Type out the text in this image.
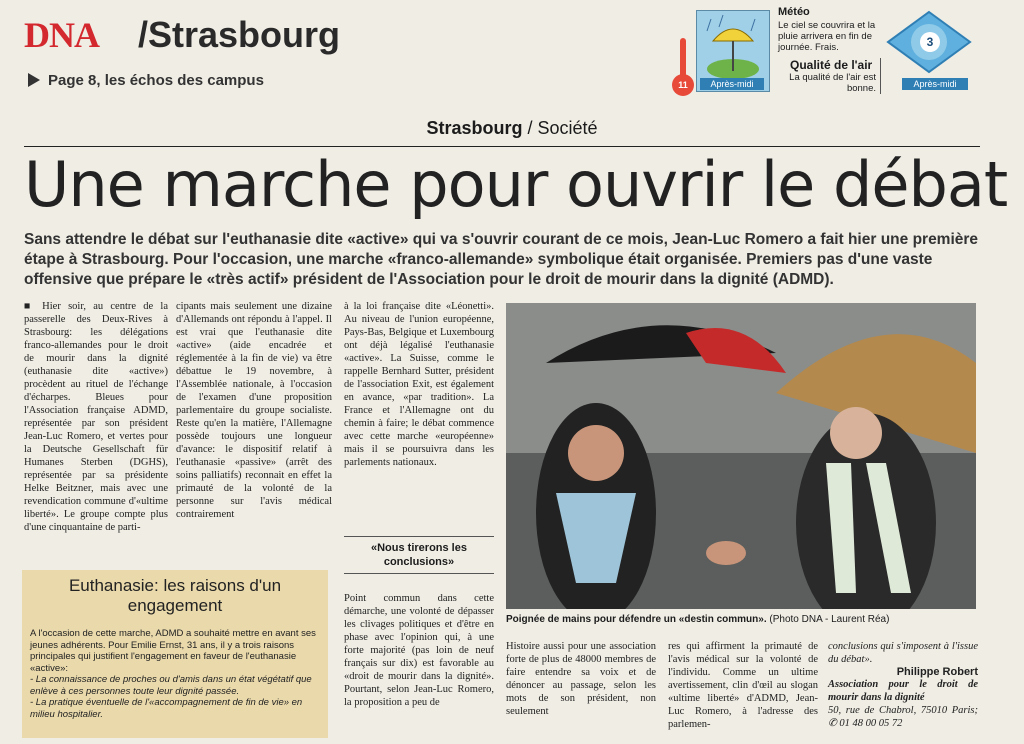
DNA /Strasbourg
Page 8, les échos des campus	11	Après-midi
Météo
Le ciel se couvrira et la pluie arrivera en fin de journée. Frais.
Qualité de l'air
La qualité de l'air est bonne.
3
Après-midi
Strasbourg / Société
Une marche pour ouvrir le débat
Sans attendre le débat sur l'euthanasie dite «active» qui va s'ouvrir courant de ce mois, Jean-Luc Romero a fait hier une première étape à Strasbourg. Pour l'occasion, une marche «franco-allemande» symbolique était organisée. Premiers pas d'une vaste offensive que prépare le «très actif» président de l'Association pour le droit de mourir dans la dignité (ADMD).
■ Hier soir, au centre de la passerelle des Deux-Rives à Strasbourg: les délégations franco-allemandes pour le droit de mourir dans la dignité (euthanasie dite «active») procèdent au rituel de l'échange d'écharpes. Bleues pour l'Association française ADMD, représentée par son président Jean-Luc Romero, et vertes pour la Deutsche Gesellschaft für Humanes Sterben (DGHS), représentée par sa présidente Helke Beitzner, mais avec une revendication commune d'«ultime liberté». Le groupe compte plus d'une cinquantaine de parti-
cipants mais seulement une dizaine d'Allemands ont répondu à l'appel. Il est vrai que l'euthanasie dite «active» (aide encadrée et réglementée à la fin de vie) va être débattue le 19 novembre, à l'Assemblée nationale, à l'occasion de l'examen d'une proposition parlementaire du groupe socialiste. Reste qu'en la matière, l'Allemagne possède toujours une longueur d'avance: le dispositif relatif à l'euthanasie «passive» (arrêt des soins palliatifs) reconnait en effet la primauté de la volonté de la personne sur l'avis médical contrairement
à la loi française dite «Léonetti». Au niveau de l'union européenne, Pays-Bas, Belgique et Luxembourg ont déjà légalisé l'euthanasie «active». La Suisse, comme le rappelle Bernhard Sutter, président de l'association Exit, est également en avance, «par tradition». La France et l'Allemagne ont du chemin à faire; le débat commence avec cette marche «européenne» mais il se poursuivra dans les parlements nationaux.
«Nous tirerons les conclusions»
Point commun dans cette démarche, une volonté de dépasser les clivages politiques et d'être en phase avec l'opinion qui, à une forte majorité (pas loin de neuf français sur dix) est favorable au «droit de mourir dans la dignité». Pourtant, selon Jean-Luc Romero, la proposition a peu de
Poignée de mains pour défendre un «destin commun». (Photo DNA - Laurent Réa)
Histoire aussi pour une association forte de plus de 48000 membres de faire entendre sa voix et de dénoncer au passage, selon les mots de son président, non seulement
res qui affirment la primauté de l'avis médical sur la volonté de l'individu. Comme un ultime avertissement, clin d'œil au slogan «ultime liberté» d'ADMD, Jean-Luc Romero, à l'adresse des parlemen-
conclusions qui s'imposent à l'issue du débat».
Philippe Robert
Association pour le droit de mourir dans la dignité
50, rue de Chabrol, 75010 Paris; ✆ 01 48 00 05 72
Euthanasie: les raisons d'un engagement
A l'occasion de cette marche, ADMD a souhaité mettre en avant ses jeunes adhérents. Pour Emilie Ernst, 31 ans, il y a trois raisons principales qui justifient l'engagement en faveur de l'euthanasie «active»:
- La connaissance de proches ou d'amis dans un état végétatif que enlève à ces personnes toute leur dignité passée.
- La pratique éventuelle de l'«accompagnement de fin de vie» en milieu hospitalier.
